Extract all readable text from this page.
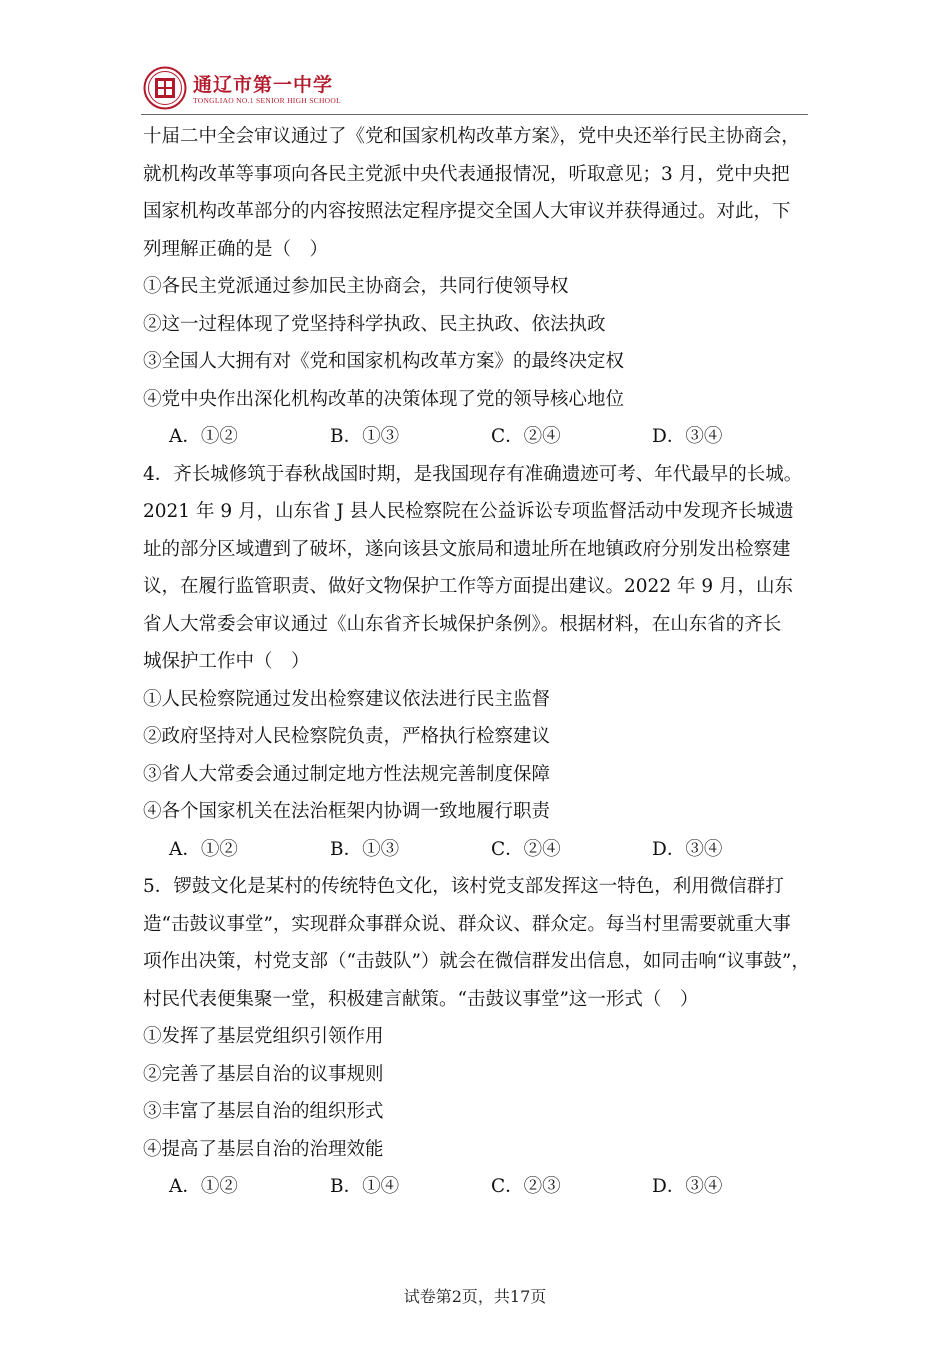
通辽市第一中学
TONGLIAO NO.1 SENIOR HIGH SCHOOL
十届二中全会审议通过了《党和国家机构改革方案》，党中央还举行民主协商会，
就机构改革等事项向各民主党派中央代表通报情况，听取意见；3 月，党中央把
国家机构改革部分的内容按照法定程序提交全国人大审议并获得通过。对此，下
列理解正确的是（　）
①各民主党派通过参加民主协商会，共同行使领导权
②这一过程体现了党坚持科学执政、民主执政、依法执政
③全国人大拥有对《党和国家机构改革方案》的最终决定权
④党中央作出深化机构改革的决策体现了党的领导核心地位
A．①②	B．①③	C．②④	D．③④
4．齐长城修筑于春秋战国时期，是我国现存有准确遗迹可考、年代最早的长城。
2021 年 9 月，山东省 J 县人民检察院在公益诉讼专项监督活动中发现齐长城遗
址的部分区域遭到了破坏，遂向该县文旅局和遗址所在地镇政府分别发出检察建
议，在履行监管职责、做好文物保护工作等方面提出建议。2022 年 9 月，山东
省人大常委会审议通过《山东省齐长城保护条例》。根据材料，在山东省的齐长
城保护工作中（　）
①人民检察院通过发出检察建议依法进行民主监督
②政府坚持对人民检察院负责，严格执行检察建议
③省人大常委会通过制定地方性法规完善制度保障
④各个国家机关在法治框架内协调一致地履行职责
A．①②	B．①③	C．②④	D．③④
5．锣鼓文化是某村的传统特色文化，该村党支部发挥这一特色，利用微信群打
造“击鼓议事堂”，实现群众事群众说、群众议、群众定。每当村里需要就重大事
项作出决策，村党支部（“击鼓队”）就会在微信群发出信息，如同击响“议事鼓”，
村民代表便集聚一堂，积极建言献策。“击鼓议事堂”这一形式（　）
①发挥了基层党组织引领作用
②完善了基层自治的议事规则
③丰富了基层自治的组织形式
④提高了基层自治的治理效能
A．①②	B．①④	C．②③	D．③④
试卷第2页，共17页
